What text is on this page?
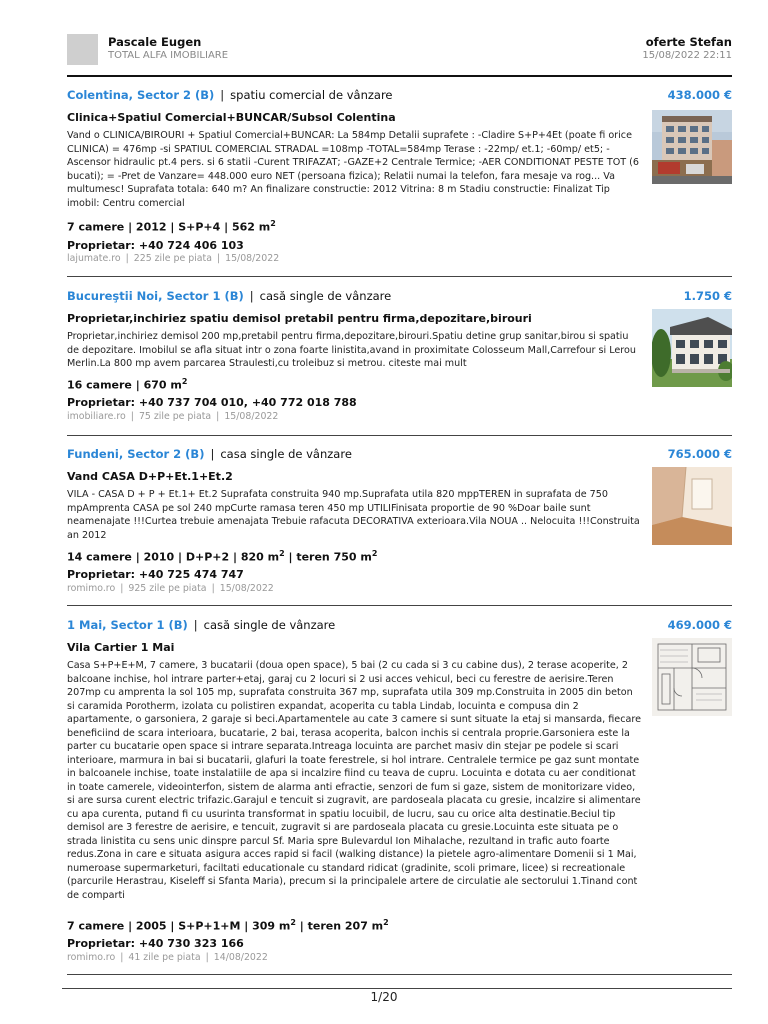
Pascale Eugen
TOTAL ALFA IMOBILIARE
oferte Stefan
15/08/2022 22:11
Colentina, Sector 2 (B) | spatiu comercial de vânzare	438.000 €
Clinica+Spatiul Comercial+BUNCAR/Subsol Colentina
Vand o CLINICA/BIROURI + Spatiul Comercial+BUNCAR: La 584mp Detalii suprafete : -Cladire S+P+4Et (poate fi orice CLINICA) = 476mp -si SPATIUL COMERCIAL STRADAL =108mp -TOTAL=584mp Terase : -22mp/ et.1; -60mp/ et5; -Ascensor hidraulic pt.4 pers. si 6 statii -Curent TRIFAZAT; -GAZE+2 Centrale Termice; -AER CONDITIONAT PESTE TOT (6 bucati); = -Pret de Vanzare= 448.000 euro NET (persoana fizica); Relatii numai la telefon, fara mesaje va rog... Va multumesc! Suprafata totala: 640 m? An finalizare constructie: 2012 Vitrina: 8 m Stadiu constructie: Finalizat Tip imobil: Centru comercial
7 camere | 2012 | S+P+4 | 562 $m^2$
Proprietar: +40 724 406 103
lajumate.ro | 225 zile pe piata | 15/08/2022
Bucureştii Noi, Sector 1 (B) | casă single de vânzare	1.750 €
Proprietar,inchiriez spatiu demisol pretabil pentru firma,depozitare,birouri
Proprietar,inchiriez demisol 200 mp,pretabil pentru firma,depozitare,birouri.Spatiu detine grup sanitar,birou si spatiu de depozitare. Imobilul se afla situat intr o zona foarte linistita,avand in proximitate Colosseum Mall,Carrefour si Lerou Merlin.La 800 mp avem parcarea Straulesti,cu troleibuz si metrou. citeste mai mult
16 camere | 670 $m^2$
Proprietar: +40 737 704 010, +40 772 018 788
imobiliare.ro | 75 zile pe piata | 15/08/2022
Fundeni, Sector 2 (B) | casa single de vânzare	765.000 €
Vand CASA D+P+Et.1+Et.2
VILA - CASA D + P + Et.1+ Et.2 Suprafata construita 940 mp.Suprafata utila 820 mppTEREN in suprafata de 750 mpAmprenta CASA pe sol 240 mpCurte ramasa teren 450 mp UTILIFinisata proportie de 90 %Doar baile sunt neamenajate !!!Curtea trebuie amenajata Trebuie rafacuta DECORATIVA exterioara.Vila NOUA .. Nelocuita !!!Construita an 2012
14 camere | 2010 | D+P+2 | 820 $m^2$ | teren 750 $m^2$
Proprietar: +40 725 474 747
romimo.ro | 925 zile pe piata | 15/08/2022
1 Mai, Sector 1 (B) | casă single de vânzare	469.000 €
Vila Cartier 1 Mai
Casa S+P+E+M, 7 camere, 3 bucatarii (doua open space), 5 bai (2 cu cada si 3 cu cabine dus), 2 terase acoperite, 2 balcoane inchise, hol intrare parter+etaj, garaj cu 2 locuri si 2 usi acces vehicul, beci cu ferestre de aerisire.Teren 207mp cu amprenta la sol 105 mp, suprafata construita 367 mp, suprafata utila 309 mp.Construita in 2005 din beton si caramida Porotherm, izolata cu polistiren expandat, acoperita cu tabla Lindab, locuinta e compusa din 2 apartamente, o garsoniera, 2 garaje si beci.Apartamentele au cate 3 camere si sunt situate la etaj si mansarda, fiecare beneficiind de scara interioara, bucatarie, 2 bai, terasa acoperita, balcon inchis si centrala proprie.Garsoniera este la parter cu bucatarie open space si intrare separata.Intreaga locuinta are parchet masiv din stejar pe podele si scari interioare, marmura in bai si bucatarii, glafuri la toate ferestrele, si hol intrare. Centralele termice pe gaz sunt montate in balcoanele inchise, toate instalatiile de apa si incalzire fiind cu teava de cupru. Locuinta e dotata cu aer conditionat in toate camerele, videointerfon, sistem de alarma anti efractie, senzori de fum si gaze, sistem de monitorizare video, si are sursa curent electric trifazic.Garajul e tencuit si zugravit, are pardoseala placata cu gresie, incalzire si alimentare cu apa curenta, putand fi cu usurinta transformat in spatiu locuibil, de lucru, sau cu orice alta destinatie.Beciul tip demisol are 3 ferestre de aerisire, e tencuit, zugravit si are pardoseala placata cu gresie.Locuinta este situata pe o strada linistita cu sens unic dinspre parcul Sf. Maria spre Bulevardul Ion Mihalache, rezultand in trafic auto foarte redus.Zona in care e situata asigura acces rapid si facil (walking distance) la pietele agro-alimentare Domenii si 1 Mai, numeroase supermarketuri, faciltati educationale cu standard ridicat (gradinite, scoli primare, licee) si recreationale (parcurile Herastrau, Kiseleff si Sfanta Maria), precum si la principalele artere de circulatie ale sectorului 1.Tinand cont de comparti
7 camere | 2005 | S+P+1+M | 309 $m^2$ | teren 207 $m^2$
Proprietar: +40 730 323 166
romimo.ro | 41 zile pe piata | 14/08/2022
1/20
